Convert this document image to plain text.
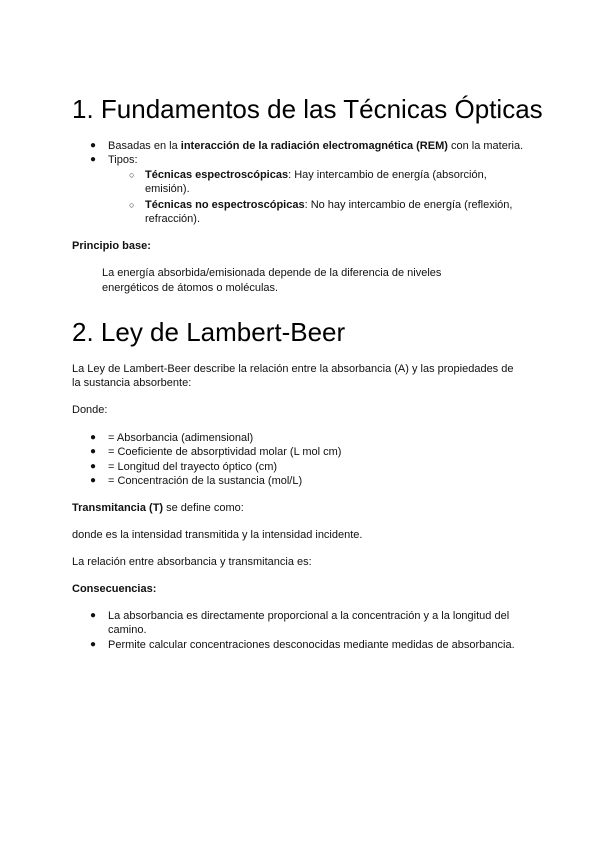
1. Fundamentos de las Técnicas Ópticas
● Basadas en la interacción de la radiación electromagnética (REM) con la materia.

● Tipos:

○ Técnicas espectroscópicas: Hay intercambio de energía (absorción,

emisión).

○ Técnicas no espectroscópicas: No hay intercambio de energía (reflexión,

refracción).

Principio base:

La energía absorbida/emisionada depende de la diferencia de niveles

energéticos de átomos o moléculas.

2. Ley de Lambert-Beer

La Ley de Lambert-Beer describe la relación entre la absorbancia (A) y las propiedades de

la sustancia absorbente:

Donde:

● = Absorbancia (adimensional)

● = Coeficiente de absorptividad molar (L mol cm)

● = Longitud del trayecto óptico (cm)

● = Concentración de la sustancia (mol/L)

Transmitancia (T) se define como:

donde es la intensidad transmitida y la intensidad incidente.

La relación entre absorbancia y transmitancia es:

Consecuencias:

● La absorbancia es directamente proporcional a la concentración y a la longitud del

camino.

● Permite calcular concentraciones desconocidas mediante medidas de absorbancia.
